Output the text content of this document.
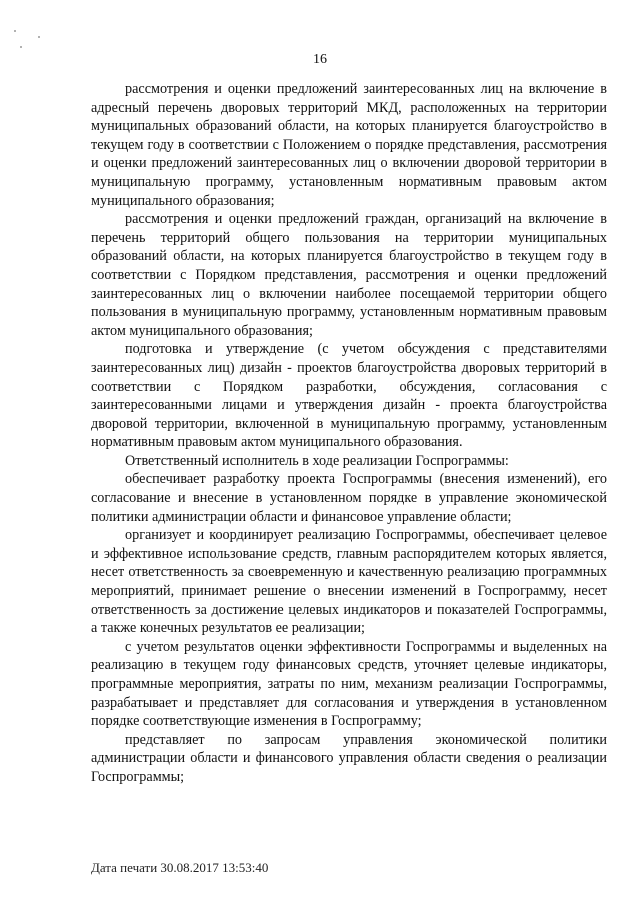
16

рассмотрения и оценки предложений заинтересованных лиц на включение в адресный перечень дворовых территорий МКД, расположенных на территории муниципальных образований области, на которых планируется благоустройство в текущем году в соответствии с Положением о порядке представления, рассмотрения и оценки предложений заинтересованных лиц о включении дворовой территории в муниципальную программу, установленным нормативным правовым актом муниципального образования;

рассмотрения и оценки предложений граждан, организаций на включение в перечень территорий общего пользования на территории муниципальных образований области, на которых планируется благоустройство в текущем году в соответствии с Порядком представления, рассмотрения и оценки предложений заинтересованных лиц о включении наиболее посещаемой территории общего пользования в муниципальную программу, установленным нормативным правовым актом муниципального образования;

подготовка и утверждение (с учетом обсуждения с представителями заинтересованных лиц) дизайн - проектов благоустройства дворовых территорий в соответствии с Порядком разработки, обсуждения, согласования с заинтересованными лицами и утверждения дизайн - проекта благоустройства дворовой территории, включенной в муниципальную программу, установленным нормативным правовым актом муниципального образования.

Ответственный исполнитель в ходе реализации Госпрограммы:

обеспечивает разработку проекта Госпрограммы (внесения изменений), его согласование и внесение в установленном порядке в управление экономической политики администрации области и финансовое управление области;

организует и координирует реализацию Госпрограммы, обеспечивает целевое и эффективное использование средств, главным распорядителем которых является, несет ответственность за своевременную и качественную реализацию программных мероприятий, принимает решение о внесении изменений в Госпрограмму, несет ответственность за достижение целевых индикаторов и показателей Госпрограммы, а также конечных результатов ее реализации;

с учетом результатов оценки эффективности Госпрограммы и выделенных на реализацию в текущем году финансовых средств, уточняет целевые индикаторы, программные мероприятия, затраты по ним, механизм реализации Госпрограммы, разрабатывает и представляет для согласования и утверждения в установленном порядке соответствующие изменения в Госпрограмму;

представляет по запросам управления экономической политики администрации области и финансового управления области сведения о реализации Госпрограммы;

Дата печати 30.08.2017 13:53:40
